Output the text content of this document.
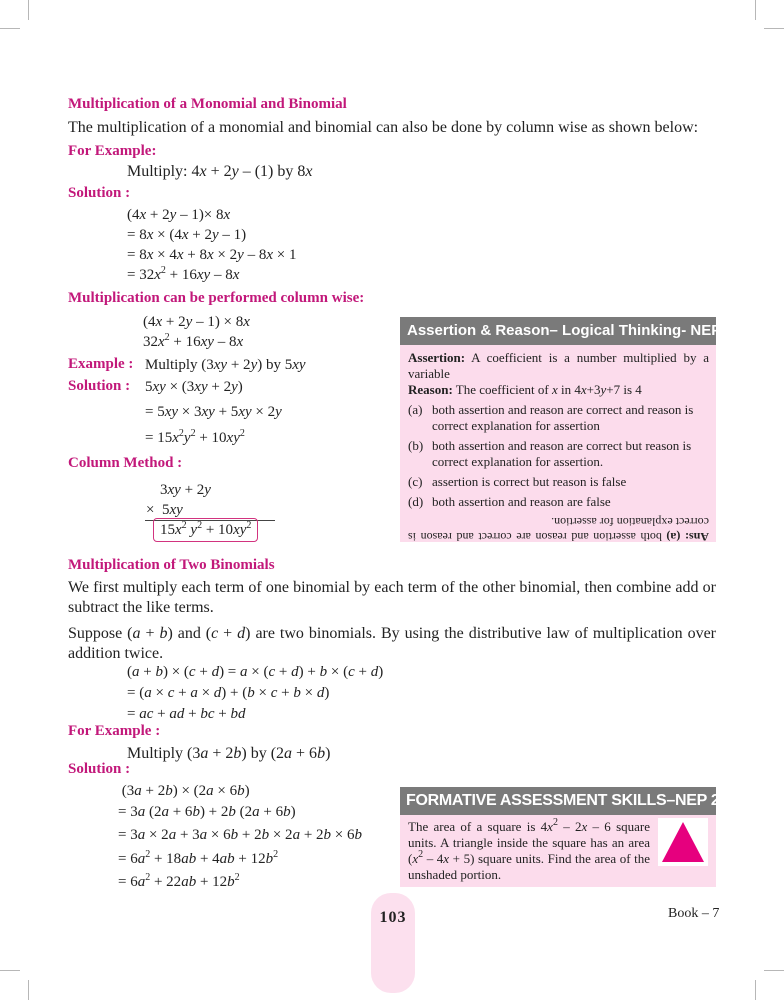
Multiplication of a Monomial and Binomial
The multiplication of a monomial and binomial can also be done by column wise as shown below:
For Example:
Multiply: 4x + 2y – (1) by 8x
Solution :
(4x + 2y – 1)× 8x
= 8x × (4x + 2y – 1)
= 8x × 4x + 8x × 2y – 8x × 1
= $32x^2 + 16xy - 8x$
Multiplication can be performed column wise:
(4x + 2y – 1) × 8x
$32x^2 + 16xy - 8x$
Example : Multiply (3xy + 2y) by 5xy
Solution : 5xy × (3xy + 2y)
= 5xy × 3xy + 5xy × 2y
= $15x^2y^2 + 10xy^2$
Column Method :
3xy + 2y
×  5xy
$15x^2$ $y^2 + 10xy^2$
Assertion & Reason– Logical Thinking- NEP 2020
Assertion: A coefficient is a number multiplied by a variable
Reason: The coefficient of x in 4x+3y+7 is 4
(a) both assertion and reason are correct and reason is correct explanation for assertion
(b) both assertion and reason are correct but reason is correct explanation for assertion.
(c) assertion is correct but reason is false
(d) both assertion and reason are false
Ans: (a) both assertion and reason are correct and reason is correct explanation for assertion.
Multiplication of Two Binomials
We first multiply each term of one binomial by each term of the other binomial, then combine add or subtract the like terms.
Suppose (a + b) and (c + d) are two binomials. By using the distributive law of multiplication over addition twice.
(a + b) × (c + d) = a × (c + d) + b × (c + d)
= (a × c + a × d) + (b × c + b × d)
= ac + ad + bc + bd
For Example :
Multiply (3a + 2b) by (2a + 6b)
Solution :
(3a + 2b) × (2a × 6b)
= 3a (2a + 6b) + 2b (2a + 6b)
= 3a × 2a + 3a × 6b + 2b × 2a + 2b × 6b
= $6a^2 + 18ab + 4ab + 12b^2$
= $6a^2 + 22ab + 12b^2$
FORMATIVE ASSESSMENT SKILLS–NEP 2020
The area of a square is $4x^2 - 2x - 6$ square units. A triangle inside the square has an area $(x^2 - 4x + 5)$ square units. Find the area of the unshaded portion.
103	Book – 7
